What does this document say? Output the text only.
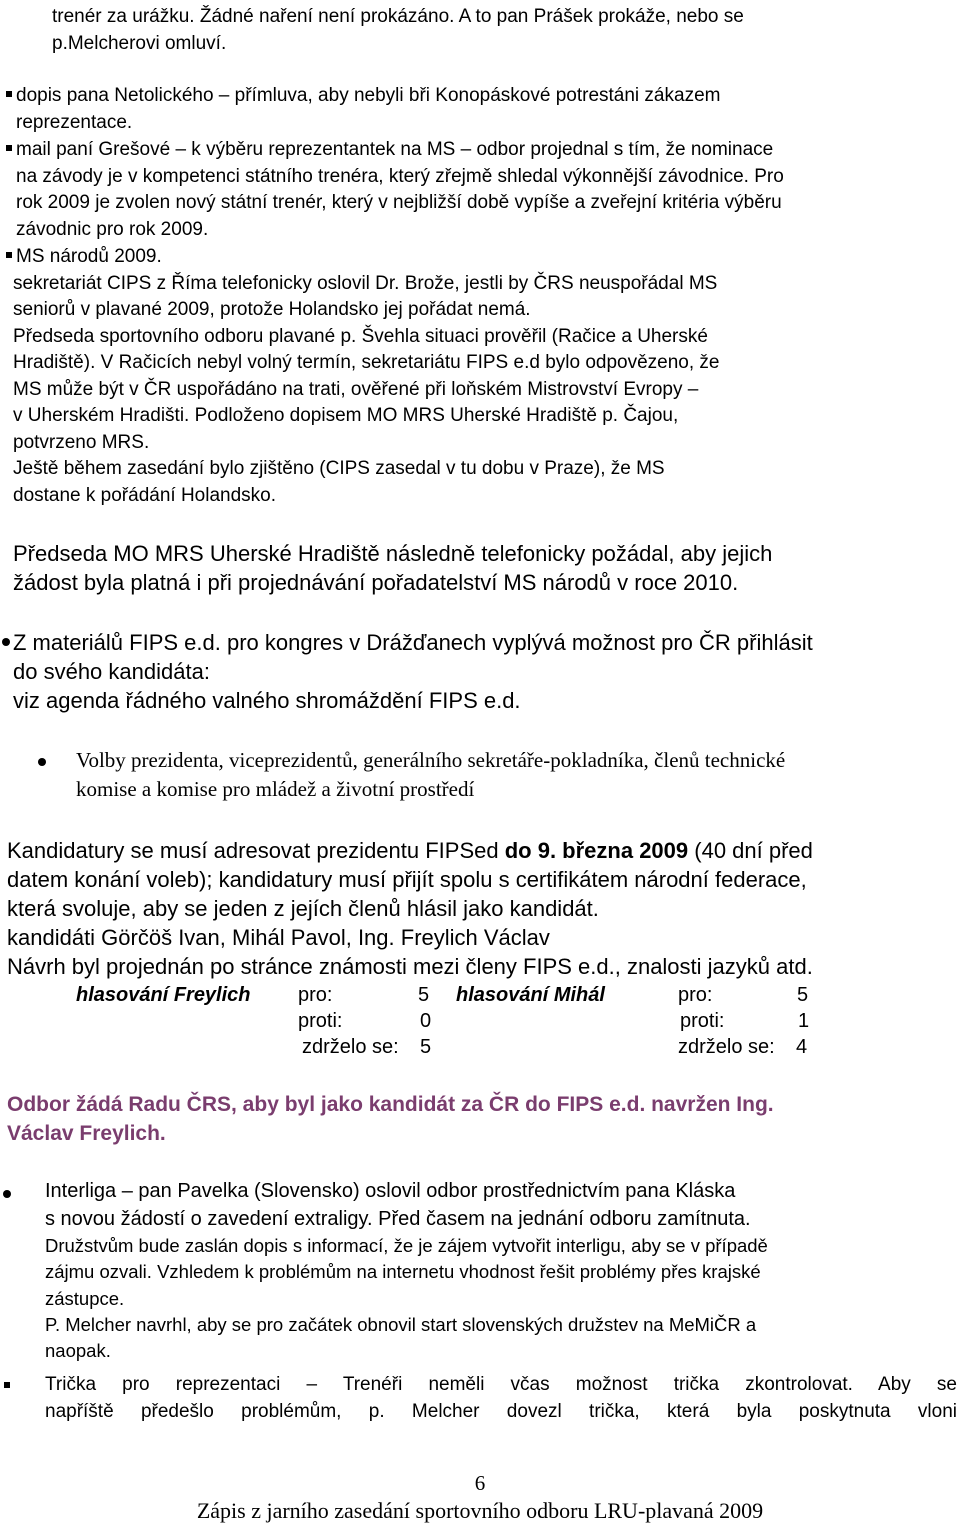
trenér za urážku. Žádné naření není prokázáno. A to pan Prášek prokáže, nebo se
p.Melcherovi omluví.
dopis pana Netolického – přímluva, aby nebyli bři Konopáskové potrestáni zákazem
reprezentace.
mail paní Grešové – k výběru reprezentantek na MS – odbor projednal s tím, že nominace
na závody je v kompetenci státního trenéra, který zřejmě shledal výkonnější závodnice. Pro
rok 2009 je zvolen nový státní trenér, který v nejbližší době vypíše a zveřejní kritéria výběru
závodnic pro rok 2009.
MS národů 2009.
sekretariát CIPS z Říma telefonicky oslovil Dr. Brože, jestli by ČRS neuspořádal MS
seniorů v plavané 2009, protože Holandsko jej pořádat nemá.
Předseda sportovního odboru plavané p. Švehla situaci prověřil (Račice a Uherské
Hradiště). V Račicích nebyl volný termín, sekretariátu FIPS e.d bylo odpovězeno, že
MS může být v ČR uspořádáno na trati, ověřené při loňském Mistrovství Evropy –
v Uherském Hradišti. Podloženo dopisem MO MRS Uherské Hradiště p. Čajou,
potvrzeno MRS.
Ještě během zasedání bylo zjištěno (CIPS zasedal v tu dobu v Praze), že MS
dostane k pořádání Holandsko.
Předseda MO MRS Uherské Hradiště následně telefonicky požádal, aby jejich
žádost byla platná i při projednávání pořadatelství MS národů v roce 2010.
Z materiálů FIPS e.d. pro kongres v Drážďanech vyplývá možnost pro ČR přihlásit
do svého kandidáta:
viz agenda řádného valného shromáždění FIPS e.d.
Volby prezidenta, viceprezidentů, generálního sekretáře-pokladníka, členů technické
komise a komise pro mládež a životní prostředí
Kandidatury se musí adresovat prezidentu FIPSed do 9. března 2009 (40 dní před
datem konání voleb); kandidatury musí přijít spolu s certifikátem národní federace,
která svoluje, aby se jeden z jejích členů hlásil jako kandidát.
kandidáti Görčöš Ivan, Mihál Pavol, Ing. Freylich Václav
Návrh byl projednán po stránce známosti mezi členy FIPS e.d., znalosti jazyků atd.
hlasování Freylich pro:	5 hlasování Mihál	pro:	5
proti:	0	proti:	1
zdrželo se: 5	zdrželo se: 4
Odbor žádá Radu ČRS, aby byl jako kandidát za ČR do FIPS e.d. navržen Ing.
Václav Freylich.
Interliga – pan Pavelka (Slovensko) oslovil odbor prostřednictvím pana Kláska
s novou žádostí o zavedení extraligy. Před časem na jednání odboru zamítnuta.
Družstvům bude zaslán dopis s informací, že je zájem vytvořit interligu, aby se v případě
zájmu ozvali. Vzhledem k problémům na internetu vhodnost řešit problémy přes krajské
zástupce.
P. Melcher navrhl, aby se pro začátek obnovil start slovenských družstev na MeMiČR a
naopak.
Trička pro reprezentaci – Trenéři neměli včas možnost trička zkontrolovat. Aby se
napříště předešlo problémům, p. Melcher dovezl trička, která byla poskytnuta vloni
6
Zápis z jarního zasedání sportovního odboru LRU-plavaná 2009
